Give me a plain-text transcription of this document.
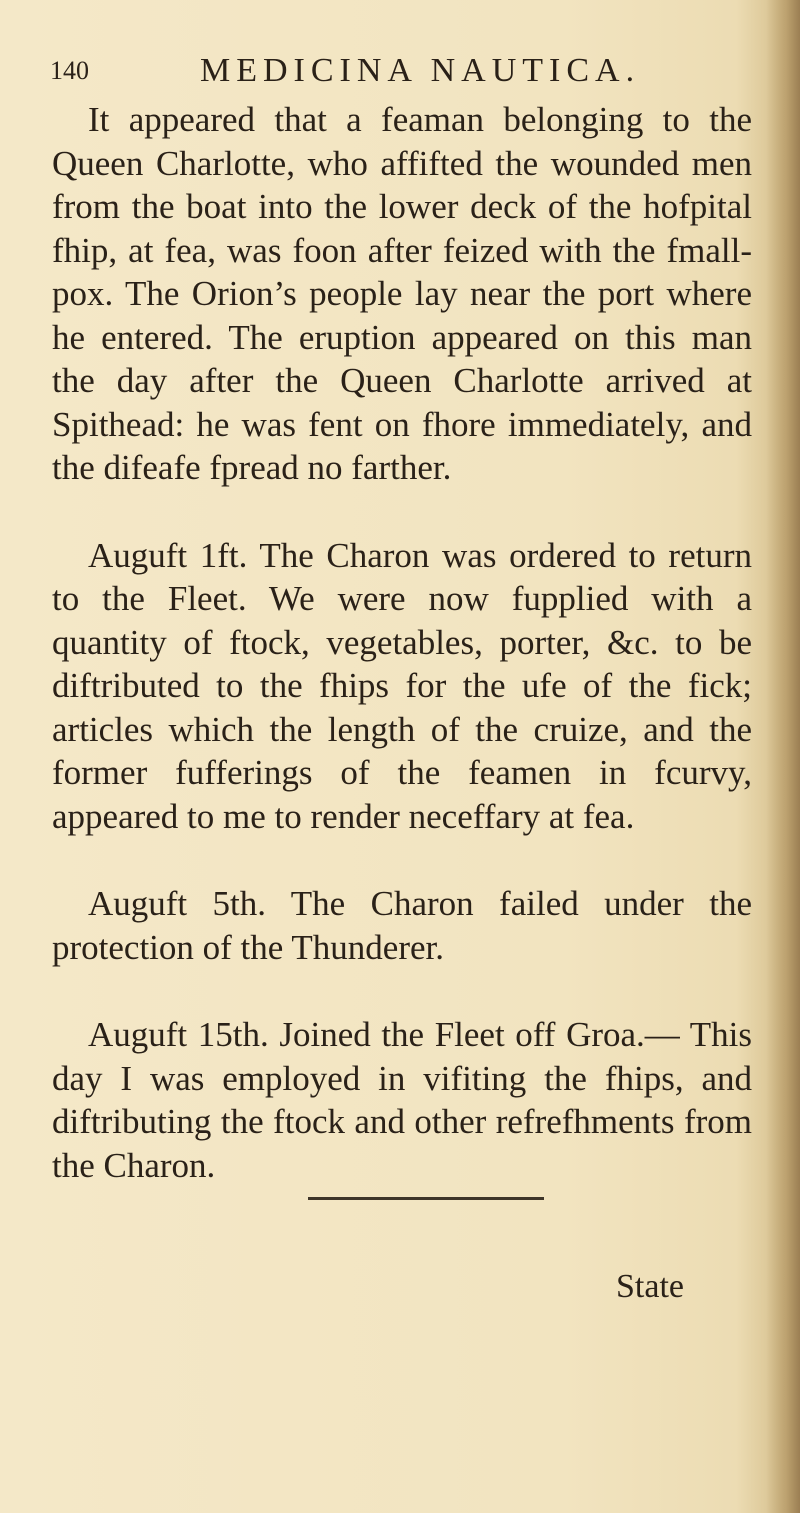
140	MEDICINA NAUTICA.

It appeared that a feaman belonging to the Queen Charlotte, who affifted the wounded men from the boat into the lower deck of the hofpital fhip, at fea, was foon after feized with the fmall-pox. The Orion’s people lay near the port where he entered. The eruption appeared on this man the day after the Queen Charlotte arrived at Spithead: he was fent on fhore immediately, and the difeafe fpread no farther.

Auguft 1ft. The Charon was ordered to return to the Fleet. We were now fupplied with a quantity of ftock, vegetables, porter, &c. to be diftributed to the fhips for the ufe of the fick; articles which the length of the cruize, and the former fufferings of the feamen in fcurvy, appeared to me to render neceffary at fea.

Auguft 5th. The Charon failed under the protection of the Thunderer.

Auguft 15th. Joined the Fleet off Groa.— This day I was employed in vifiting the fhips, and diftributing the ftock and other refrefhments from the Charon.

State
